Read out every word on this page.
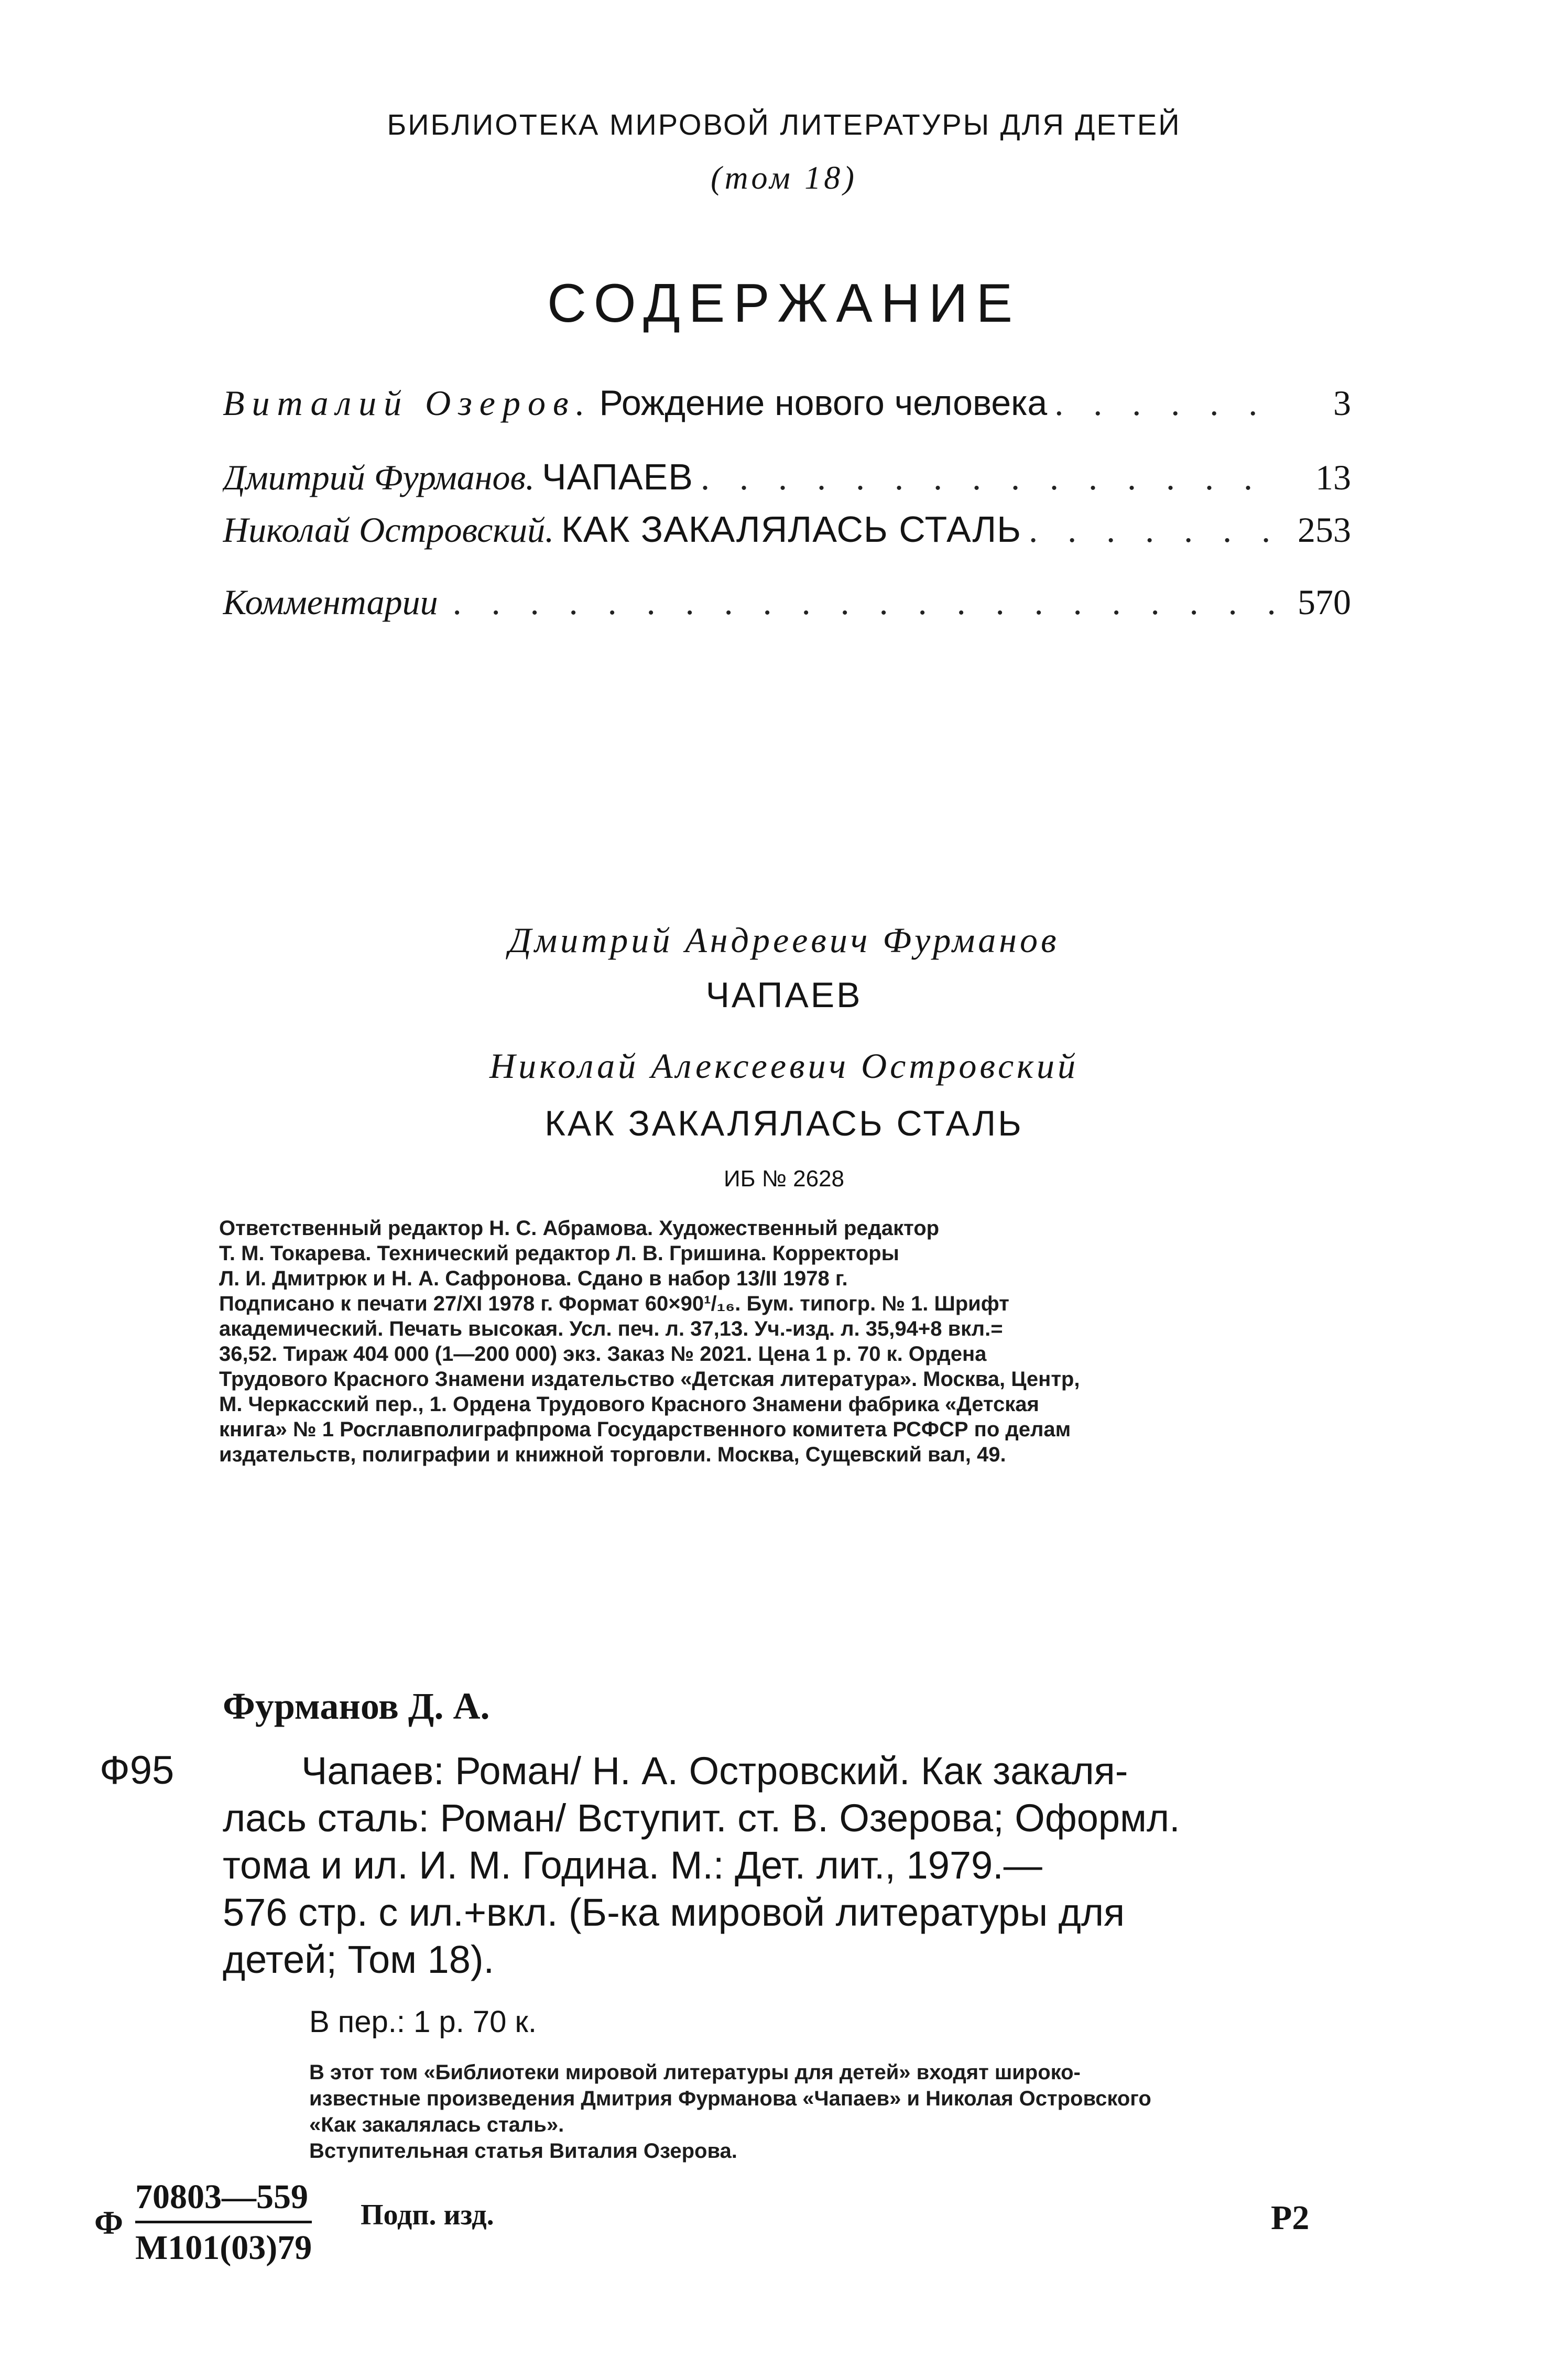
БИБЛИОТЕКА МИРОВОЙ ЛИТЕРАТУРЫ ДЛЯ ДЕТЕЙ
(том 18)
СОДЕРЖАНИЕ
Виталий Озеров. Рождение нового человека . . .	3
Дмитрий Фурманов. ЧАПАЕВ . . .	13
Николай Островский. КАК ЗАКАЛЯЛАСЬ СТАЛЬ . . .	253
Комментарии . . .	570
Дмитрий Андреевич Фурманов
ЧАПАЕВ
Николай Алексеевич Островский
КАК ЗАКАЛЯЛАСЬ СТАЛЬ
ИБ № 2628

Ответственный редактор Н. С. Абрамова. Художественный редактор

Т. М. Токарева. Технический редактор Л. В. Гришина. Корректоры

Л. И. Дмитрюк и Н. А. Сафронова. Сдано в набор 13/II 1978 г.

Подписано к печати 27/XI 1978 г. Формат 60×90¹/₁₆. Бум. типогр. № 1. Шрифт

академический. Печать высокая. Усл. печ. л. 37,13. Уч.-изд. л. 35,94+8 вкл.=

36,52. Тираж 404 000 (1—200 000) экз. Заказ № 2021. Цена 1 р. 70 к. Ордена

Трудового Красного Знамени издательство «Детская литература». Москва, Центр,

М. Черкасский пер., 1. Ордена Трудового Красного Знамени фабрика «Детская

книга» № 1 Росглавполиграфпрома Государственного комитета РСФСР по делам

издательств, полиграфии и книжной торговли. Москва, Сущевский вал, 49.

Фурманов Д. А.
Ф95	Чапаев: Роман/ Н. А. Островский. Как закаля-

лась сталь: Роман/ Вступит. ст. В. Озерова; Оформл.

тома и ил. И. М. Година. М.: Дет. лит., 1979.—

576 стр. с ил.+вкл. (Б-ка мировой литературы для

детей; Том 18).

В пер.: 1 р. 70 к.

В этот том «Библиотеки мировой литературы для детей» входят широко-

известные произведения Дмитрия Фурманова «Чапаев» и Николая Островского

«Как закалялась сталь».

Вступительная статья Виталия Озерова.

Ф
70803—559
М101(03)79
Подп. изд.	Р2
